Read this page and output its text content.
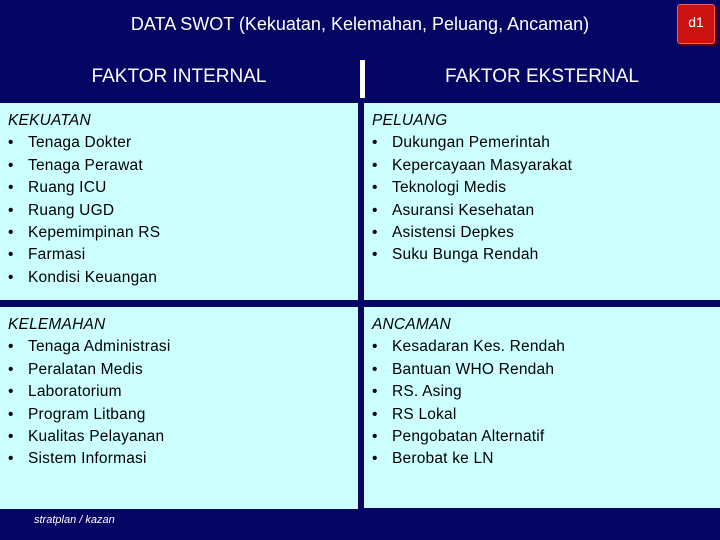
DATA SWOT (Kekuatan, Kelemahan, Peluang, Ancaman)	d1
FAKTOR INTERNAL	FAKTOR EKSTERNAL
KEKUATAN
• Tenaga Dokter
• Tenaga Perawat
• Ruang ICU
• Ruang UGD
• Kepemimpinan RS
• Farmasi
• Kondisi Keuangan
PELUANG
• Dukungan Pemerintah
• Kepercayaan Masyarakat
• Teknologi Medis
• Asuransi Kesehatan
• Asistensi Depkes
• Suku Bunga Rendah
KELEMAHAN
• Tenaga Administrasi
• Peralatan Medis
• Laboratorium
• Program Litbang
• Kualitas Pelayanan
• Sistem Informasi
ANCAMAN
• Kesadaran Kes. Rendah
• Bantuan WHO Rendah
• RS. Asing
• RS Lokal
• Pengobatan Alternatif
• Berobat ke LN
stratplan / kazan
